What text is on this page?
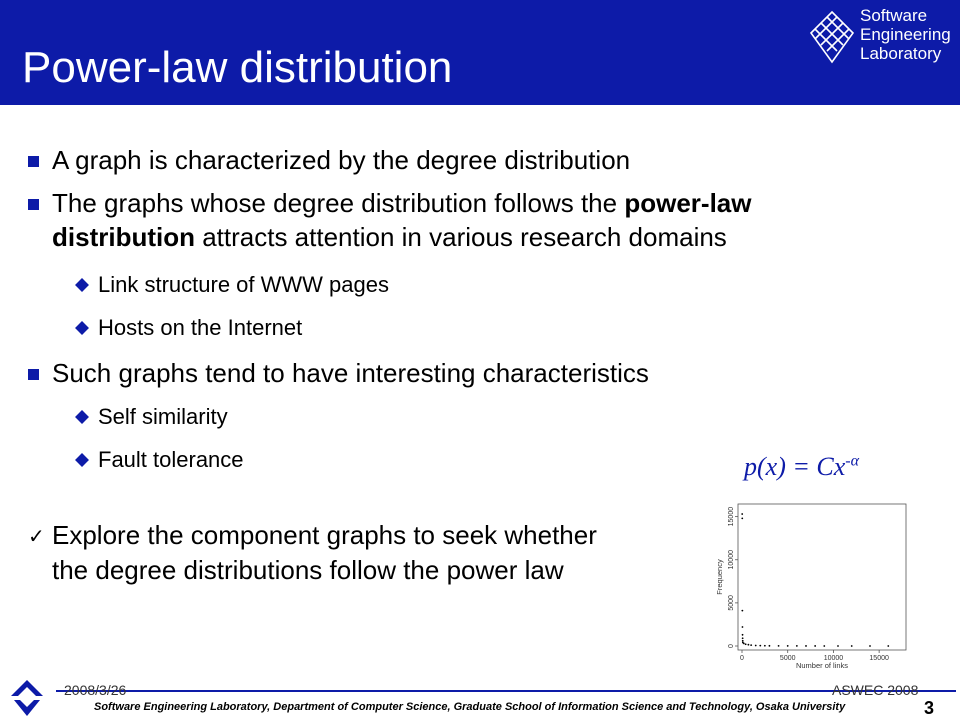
Power-law distribution
Software
Engineering
Laboratory
A graph is characterized by the degree distribution
The graphs whose degree distribution follows the power-law
distribution attracts attention in various research domains
Link structure of WWW pages
Hosts on the Internet
Such graphs tend to have interesting characteristics
Self similarity
Fault tolerance	$p(x) = Cx^{-\alpha}$
✓ Explore the component graphs to seek whether the degree distributions follow the power law
0	5000	10000	15000
0
5000
10000
15000
Number of links
Frequency
2008/3/26	ASWEC 2008
Software Engineering Laboratory, Department of Computer Science, Graduate School of Information Science and Technology, Osaka University	3
